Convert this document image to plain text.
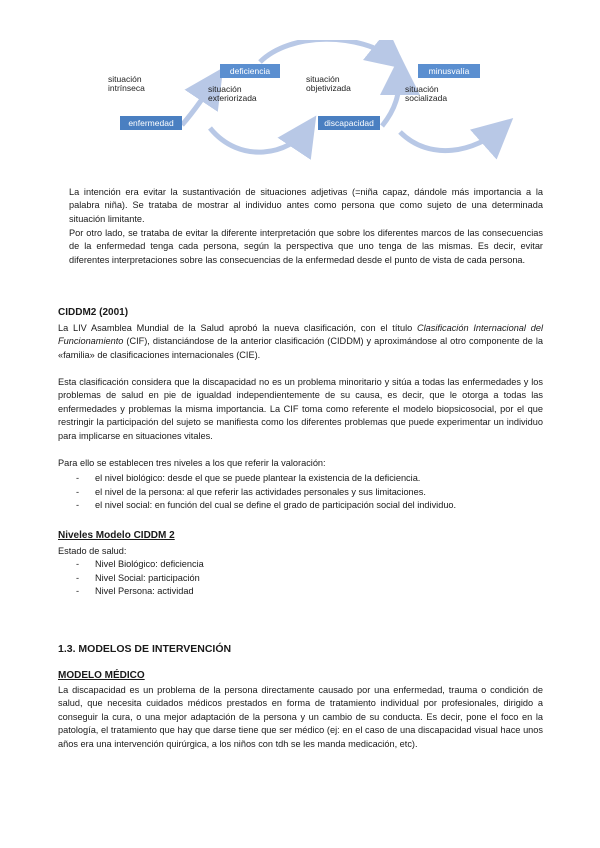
situación intrínseca
enfermedad
deficiencia
situación exteriorizada
situación objetivizada
discapacidad
minusvalía
situación socializada
La intención era evitar la sustantivación de situaciones adjetivas (=niña capaz, dándole más importancia a la palabra niña). Se trataba de mostrar al individuo antes como persona que como sujeto de una determinada situación limitante.
Por otro lado, se trataba de evitar la diferente interpretación que sobre los diferentes marcos de las consecuencias de la enfermedad tenga cada persona, según la perspectiva que uno tenga de las mismas. Es decir, evitar diferentes interpretaciones sobre las consecuencias de la enfermedad desde el punto de vista de cada persona.
CIDDM2 (2001)
La LIV Asamblea Mundial de la Salud aprobó la nueva clasificación, con el título Clasificación Internacional del Funcionamiento (CIF), distanciándose de la anterior clasificación (CIDDM) y aproximándose al otro componente de la «familia» de clasificaciones internacionales (CIE).
Esta clasificación considera que la discapacidad no es un problema minoritario y sitúa a todas las enfermedades y los problemas de salud en pie de igualdad independientemente de su causa, es decir, que le otorga a todas las enfermedades y problemas la misma importancia. La CIF toma como referente el modelo biopsicosocial, por el que restringir la participación del sujeto se manifiesta como los diferentes problemas que puede experimentar un individuo para implicarse en situaciones vitales.
Para ello se establecen tres niveles a los que referir la valoración:
- el nivel biológico: desde el que se puede plantear la existencia de la deficiencia.
- el nivel de la persona: al que referir las actividades personales y sus limitaciones.
- el nivel social: en función del cual se define el grado de participación social del individuo.
Niveles Modelo CIDDM 2
Estado de salud:
- Nivel Biológico: deficiencia
- Nivel Social: participación
- Nivel Persona: actividad
1.3. MODELOS DE INTERVENCIÓN
MODELO MÉDICO
La discapacidad es un problema de la persona directamente causado por una enfermedad, trauma o condición de salud, que necesita cuidados médicos prestados en forma de tratamiento individual por profesionales, dirigido a conseguir la cura, o una mejor adaptación de la persona y un cambio de su conducta. Es decir, pone el foco en la patología, el tratamiento que hay que darse tiene que ser médico (ej: en el caso de una discapacidad visual hace unos años era una intervención quirúrgica, a los niños con tdh se les manda medicación, etc).
